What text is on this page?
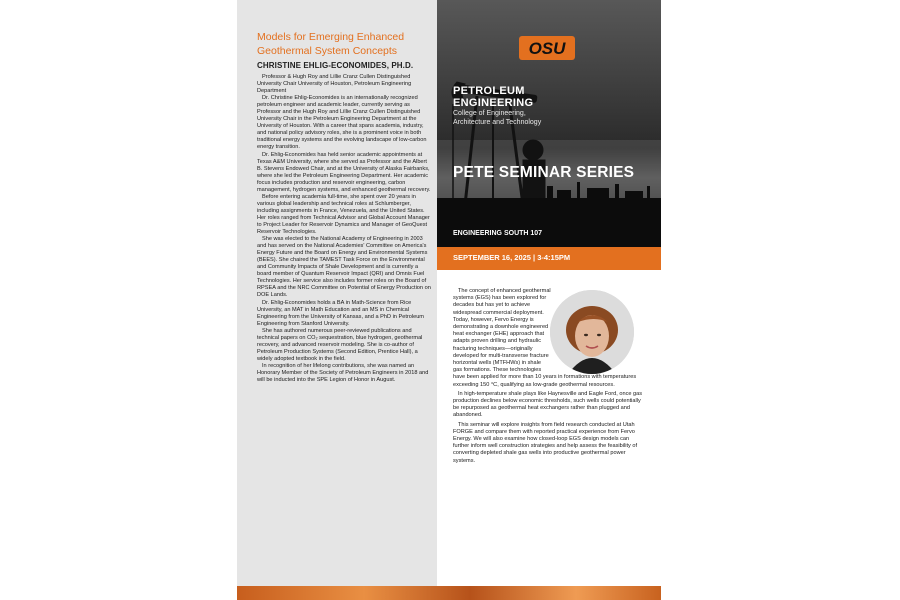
Models for Emerging Enhanced Geothermal System Concepts
CHRISTINE EHLIG-ECONOMIDES, PH.D.

Professor & Hugh Roy and Lillie Cranz Cullen Distinguished University Chair University of Houston, Petroleum Engineering Department

Dr. Christine Ehlig-Economides is an internationally recognized petroleum engineer and academic leader, currently serving as Professor and the Hugh Roy and Lillie Cranz Cullen Distinguished University Chair in the Petroleum Engineering Department at the University of Houston. With a career that spans academia, industry, and national policy advisory roles, she is a prominent voice in both traditional energy systems and the evolving landscape of low-carbon energy transition.

Dr. Ehlig-Economides has held senior academic appointments at Texas A&M University, where she served as Professor and the Albert B. Stevens Endowed Chair, and at the University of Alaska Fairbanks, where she led the Petroleum Engineering Department. Her academic focus includes production and reservoir engineering, carbon management, hydrogen systems, and enhanced geothermal recovery.

Before entering academia full-time, she spent over 20 years in various global leadership and technical roles at Schlumberger, including assignments in France, Venezuela, and the United States. Her roles ranged from Technical Advisor and Global Account Manager to Project Leader for Reservoir Dynamics and Manager of GeoQuest Reservoir Technologies.

She was elected to the National Academy of Engineering in 2003 and has served on the National Academies' Committee on America's Energy Future and the Board on Energy and Environmental Systems (BEES). She chaired the TAMEST Task Force on the Environmental and Community Impacts of Shale Development and is currently a board member of Quantum Reservoir Impact (QRI) and Omnis Fuel Technologies. Her service also includes former roles on the Board of RPSEA and the NRC Committee on Potential of Energy Production on DOE Lands.

Dr. Ehlig-Economides holds a BA in Math-Science from Rice University, an MAT in Math Education and an MS in Chemical Engineering from the University of Kansas, and a PhD in Petroleum Engineering from Stanford University.

She has authored numerous peer-reviewed publications and technical papers on CO₂ sequestration, blue hydrogen, geothermal recovery, and advanced reservoir modeling. She is co-author of Petroleum Production Systems (Second Edition, Prentice Hall), a widely adopted textbook in the field.

In recognition of her lifelong contributions, she was named an Honorary Member of the Society of Petroleum Engineers in 2018 and will be inducted into the SPE Legion of Honor in August.

OSU
PETROLEUM
ENGINEERING
College of Engineering,
Architecture and Technology
PETE SEMINAR SERIES
ENGINEERING SOUTH 107
SEPTEMBER 16, 2025 | 3-4:15PM

The concept of enhanced geothermal systems (EGS) has been explored for decades but has yet to achieve widespread commercial deployment. Today, however, Fervo Energy is demonstrating a downhole engineered heat exchanger (EHE) approach that adapts proven drilling and hydraulic fracturing techniques—originally developed for multi-transverse fracture horizontal wells (MTFHWs) in shale gas formations. These technologies have been applied for more than 10 years in formations with temperatures exceeding 150 °C, qualifying as low-grade geothermal resources.

In high-temperature shale plays like Haynesville and Eagle Ford, once gas production declines below economic thresholds, such wells could potentially be repurposed as geothermal heat exchangers rather than plugged and abandoned.

This seminar will explore insights from field research conducted at Utah FORGE and compare them with reported practical experience from Fervo Energy. We will also examine how closed-loop EGS design models can further inform well construction strategies and help assess the feasibility of converting depleted shale gas wells into productive geothermal power systems.
